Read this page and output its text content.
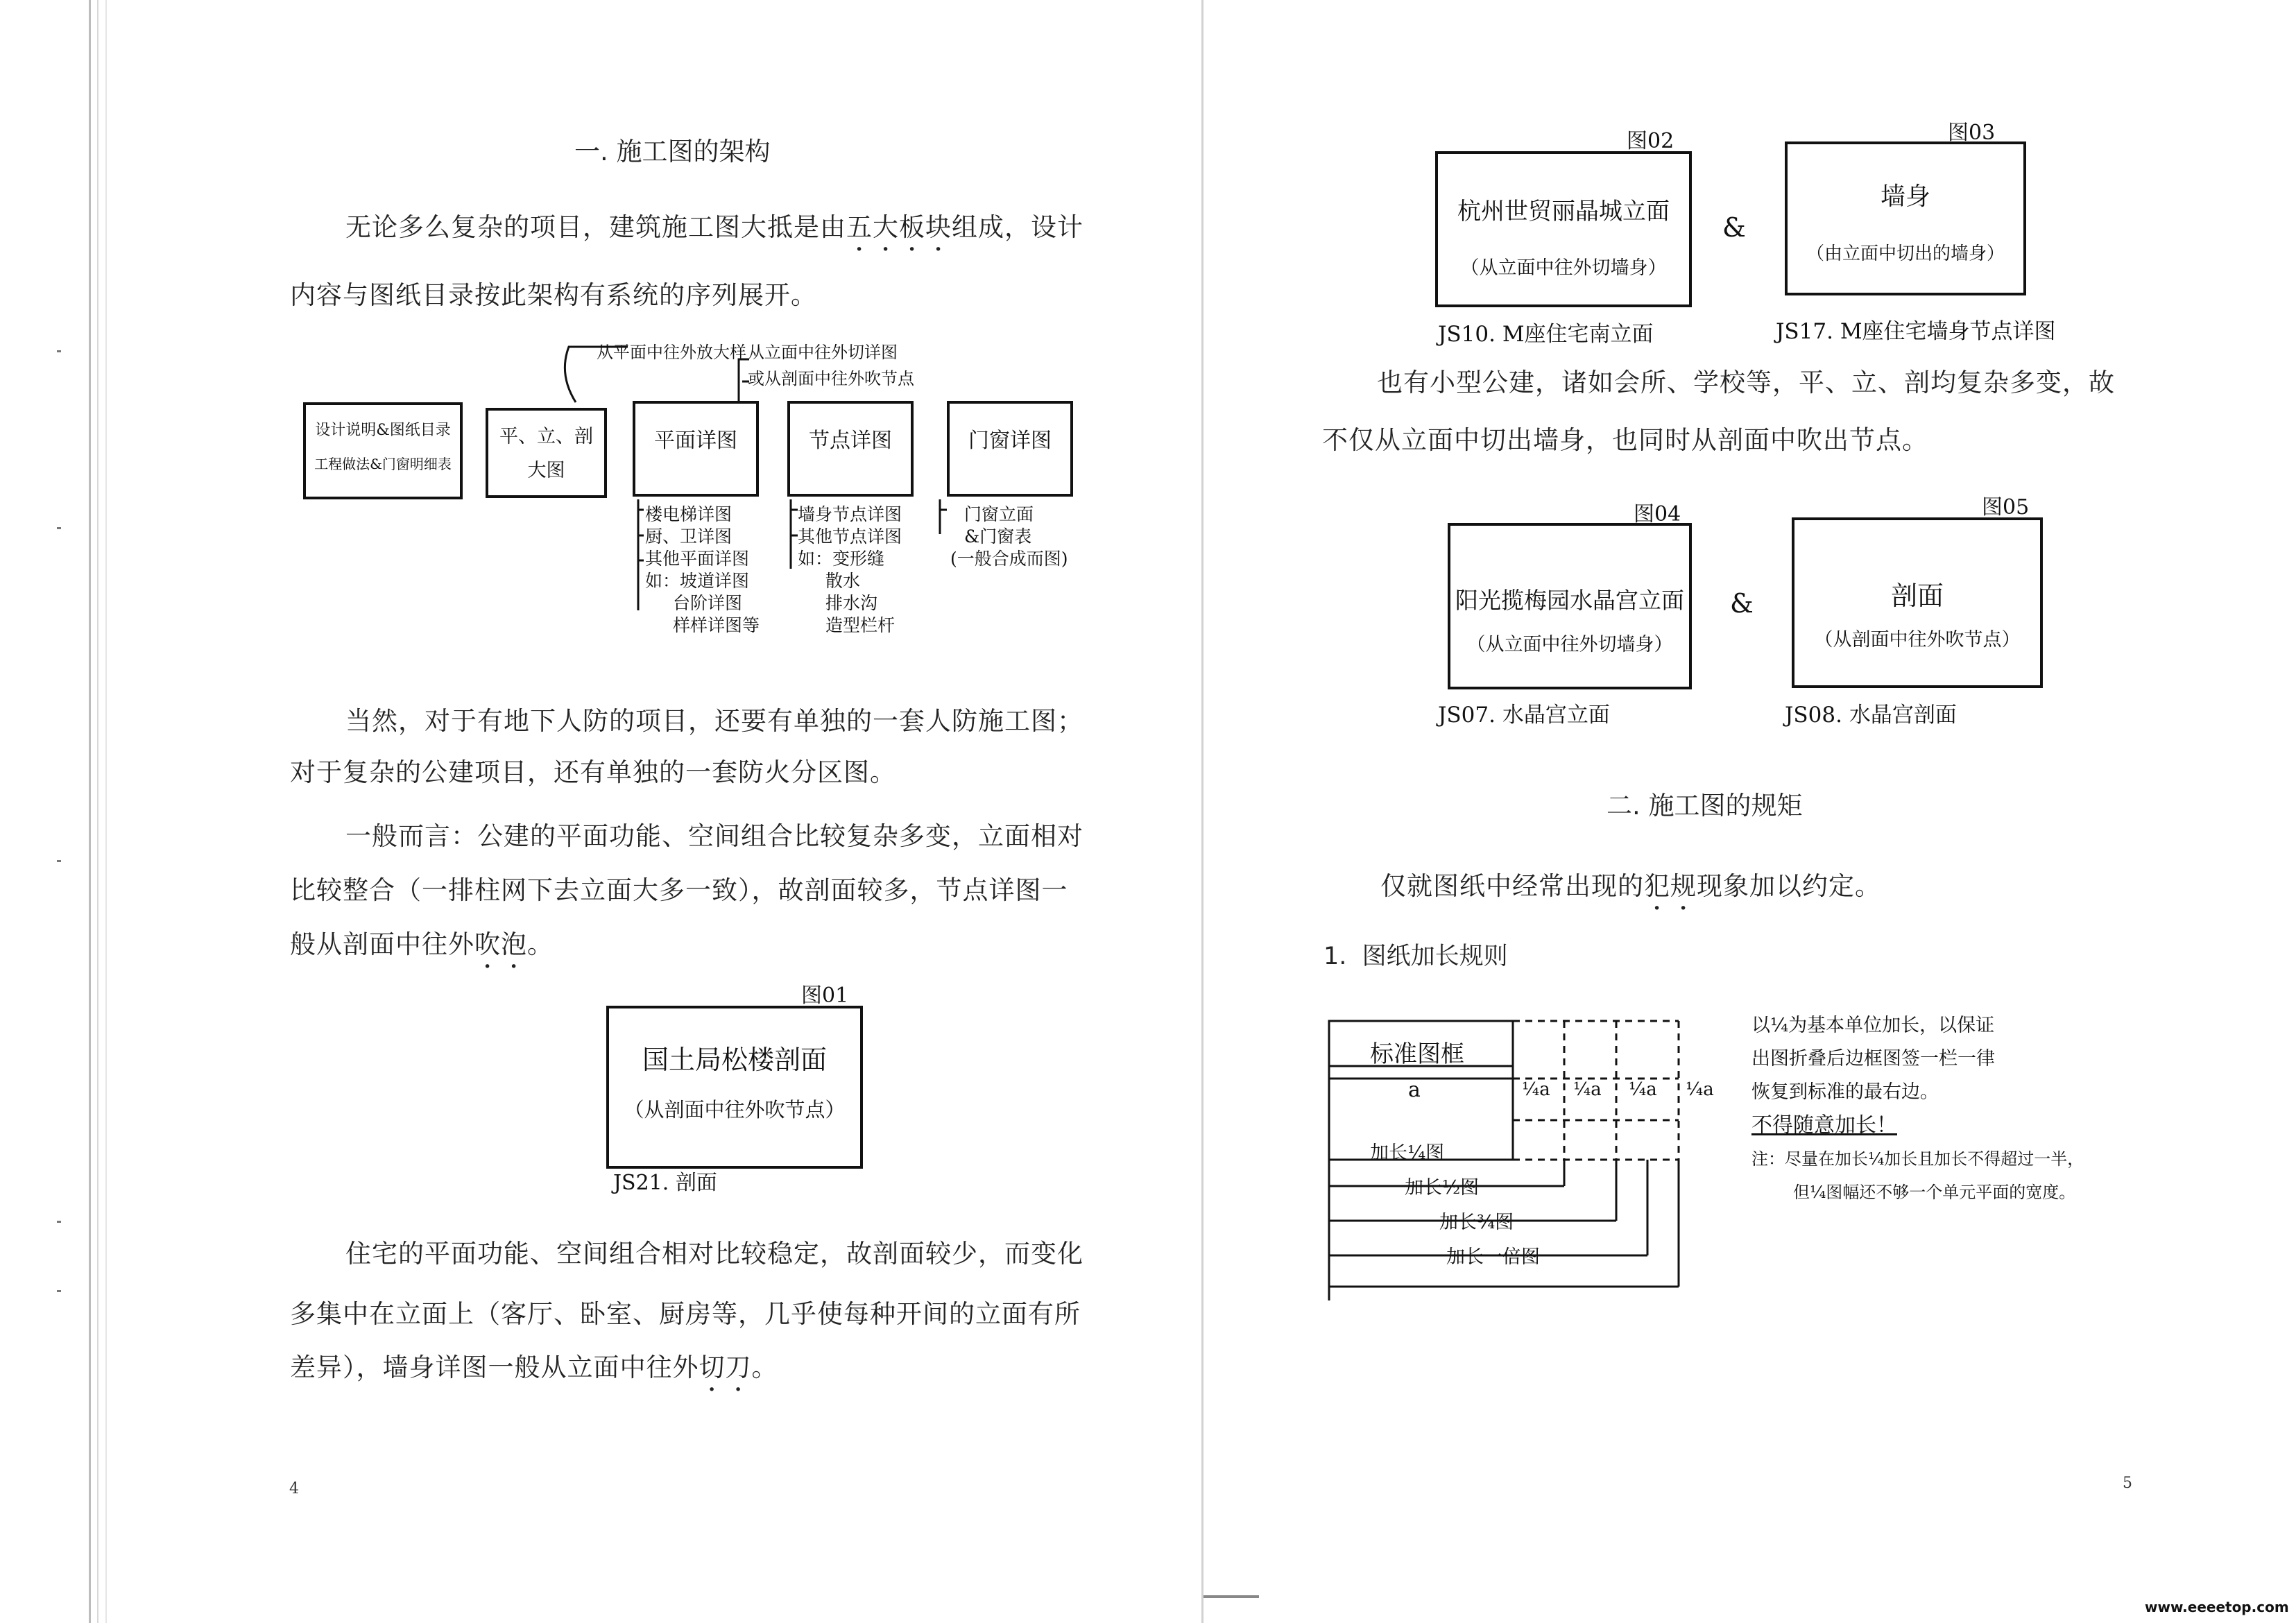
一. 施工图的架构
无论多么复杂的项目，建筑施工图大抵是由五大板块组成，设计
内容与图纸目录按此架构有系统的序列展开。
从平面中往外放大样 从立面中往外切详图
或从剖面中往外吹节点
设计说明&图纸目录
工程做法&门窗明细表
平、立、剖
大图
平面详图	节点详图	门窗详图
楼电梯详图
厨、卫详图
其他平面详图
如：坡道详图
台阶详图
样样详图等
墙身节点详图
其他节点详图
如：变形缝
散水
排水沟
造型栏杆
门窗立面
&门窗表
(一般合成而图)
当然，对于有地下人防的项目，还要有单独的一套人防施工图；
对于复杂的公建项目，还有单独的一套防火分区图。
一般而言：公建的平面功能、空间组合比较复杂多变，立面相对
比较整合（一排柱网下去立面大多一致），故剖面较多，节点详图一
般从剖面中往外吹泡。
图01
国土局松楼剖面
（从剖面中往外吹节点）
JS21. 剖面
住宅的平面功能、空间组合相对比较稳定，故剖面较少，而变化
多集中在立面上（客厅、卧室、厨房等，几乎使每种开间的立面有所
差异），墙身详图一般从立面中往外切刀。
4
图02
杭州世贸丽晶城立面
（从立面中往外切墙身）
JS10. M座住宅南立面
&
图03
墙身
（由立面中切出的墙身）
JS17. M座住宅墙身节点详图
也有小型公建，诸如会所、学校等，平、立、剖均复杂多变，故
不仅从立面中切出墙身，也同时从剖面中吹出节点。
图04
阳光揽梅园水晶宫立面
（从立面中往外切墙身）
JS07. 水晶宫立面
&
图05
剖面
（从剖面中往外吹节点）
JS08. 水晶宫剖面
二. 施工图的规矩
仅就图纸中经常出现的犯规现象加以约定。
1.  图纸加长规则
标准图框
a	¼a ¼a ¼a ¼a
加长¼图
加长½图
加长¾图
加长一倍图
以¼为基本单位加长，以保证
出图折叠后边框图签一栏一律
恢复到标准的最右边。
不得随意加长！
注：尽量在加长¼加长且加长不得超过一半，
但¼图幅还不够一个单元平面的宽度。
5
www.eeeetop.com
